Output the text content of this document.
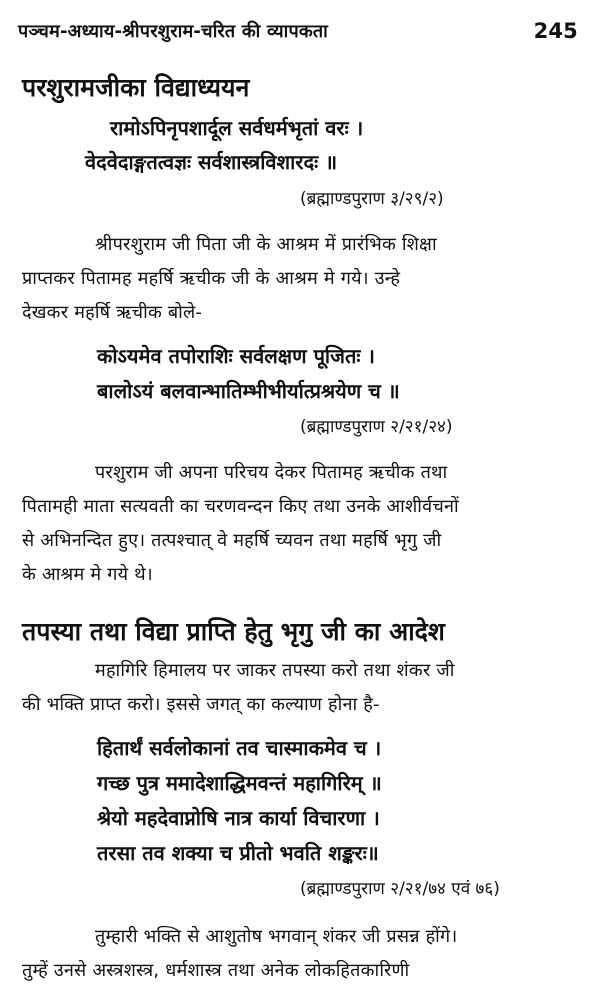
पञ्चम-अध्याय-श्रीपरशुराम-चरित की व्यापकता	245
परशुरामजीका विद्याध्ययन
रामोऽपिनृपशार्दूल सर्वधर्मभृतां वरः ।
वेदवेदाङ्गतत्वज्ञः सर्वशास्त्रविशारदः ॥
(ब्रह्माण्डपुराण ३/२९/२)
श्रीपरशुराम जी पिता जी के आश्रम में प्रारंभिक शिक्षा
प्राप्तकर पितामह महर्षि ऋचीक जी के आश्रम मे गये। उन्हे
देखकर महर्षि ऋचीक बोले-
कोऽयमेव तपोराशिः सर्वलक्षण पूजितः ।
बालोऽयं बलवान्भातिम्भीभीर्यात्प्रश्रयेण च ॥
(ब्रह्माण्डपुराण २/२१/२४)
परशुराम जी अपना परिचय देकर पितामह ऋचीक तथा
पितामही माता सत्यवती का चरणवन्दन किए तथा उनके आशीर्वचनों
से अभिनन्दित हुए। तत्पश्चात् वे महर्षि च्यवन तथा महर्षि भृगु जी
के आश्रम मे गये थे।
तपस्या तथा विद्या प्राप्ति हेतु भृगु जी का आदेश
महागिरि हिमालय पर जाकर तपस्या करो तथा शंकर जी
की भक्ति प्राप्त करो। इससे जगत् का कल्याण होना है-
हितार्थं सर्वलोकानां तव चास्माकमेव च ।
गच्छ पुत्र ममादेशाद्धिमवन्तं महागिरिम् ॥
श्रेयो महदेवाप्नोषि नात्र कार्या विचारणा ।
तरसा तव शक्या च प्रीतो भवति शङ्करः॥
(ब्रह्माण्डपुराण २/२१/७४ एवं ७६)
तुम्हारी भक्ति से आशुतोष भगवान् शंकर जी प्रसन्न होंगे।
तुम्हें उनसे अस्त्रशस्त्र, धर्मशास्त्र तथा अनेक लोकहितकारिणी
